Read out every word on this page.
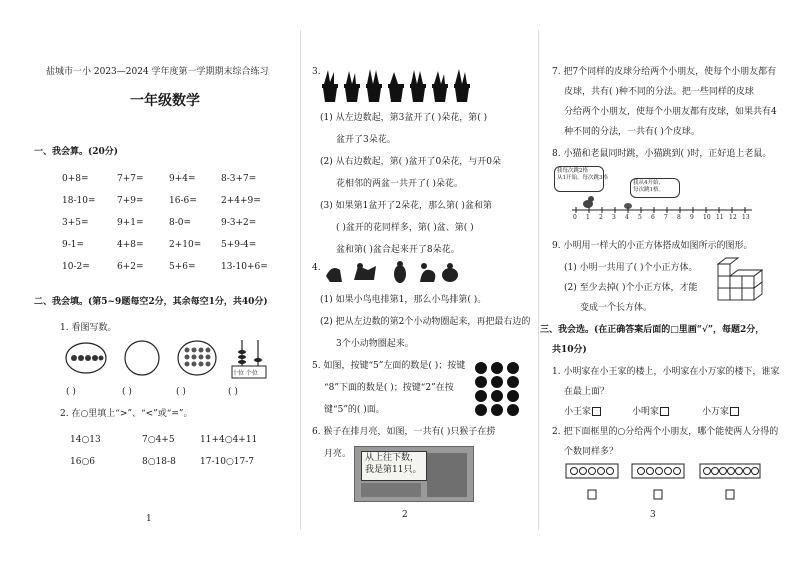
盐城市一小 2023—2024 学年度第一学期期末综合练习
一年级数学
一、我会算。(20分)
0+8=	7+7=	9+4=	8-3+7=
18-10=	7+9=	16-6=	2+4+9=
3+5=	9+1=	8-0=	9-3+2=
9-1=	4+8=	2+10=	5+9-4=
10-2=	6+2=	5+6=	13-10+6=
二、我会填。(第5~9题每空2分，其余每空1分，共40分)
1. 看图写数。
十位 个位
( )	( )	( )	( )
2. 在○里填上“>”、“<”或“=”。
14○13	7○4+5	11+4○4+11
16○6	8○18-8	17-10○17-7
1
3.
(1) 从左边数起，第3盆开了( )朵花，第( )
盆开了3朵花。
(2) 从右边数起，第( )盆开了0朵花，与开0朵
花相邻的两盆一共开了( )朵花。
(3) 如果第1盆开了2朵花，那么第( )盆和第
( )盆开的花同样多，第( )盆、第( )
盆和第( )盆合起来开了8朵花。
4.
(1) 如果小鸟电排第1，那么小鸟排第( )。
(2) 把从左边数的第2个小动物圈起来，再把最右边的
3个小动物圈起来。
5. 如图，按键“5”左面的数是( )；按键
“8”下面的数是( )；按键“2”在按
键“5”的( )面。
6. 猴子在排月亮，如图，一共有( )只猴子在捞
月亮。 从上往下数，
我是第11只。
2
7. 把7个同样的皮球分给两个小朋友，使每个小朋友都有
皮球，共有( )种不同的分法。把一些同样的皮球
分给两个小朋友，使每个小朋友都有皮球，如果共有4
种不同的分法，一共有( )个皮球。
8. 小猫和老鼠同时跳，小猫跳到( )时，正好追上老鼠。
我每次跳2格
从1开始，每次跳3格
我从4开始，
每次跳1格。
0 1 2 3 4 5 6 7 8 9 10 11 12 13
9. 小明用一样大的小正方体搭成如图所示的图形。
(1) 小明一共用了( )个小正方体。
(2) 至少去掉( )个小正方体，才能
变成一个长方体。
三、我会选。(在正确答案后面的□里画“√”，每题2分，
共10分)
1. 小明家在小王家的楼上，小明家在小万家的楼下，谁家
在最上面？
小王家	小明家	小万家
2. 把下面框里的○分给两个小朋友，哪个能使两人分得的
个数同样多？
3
